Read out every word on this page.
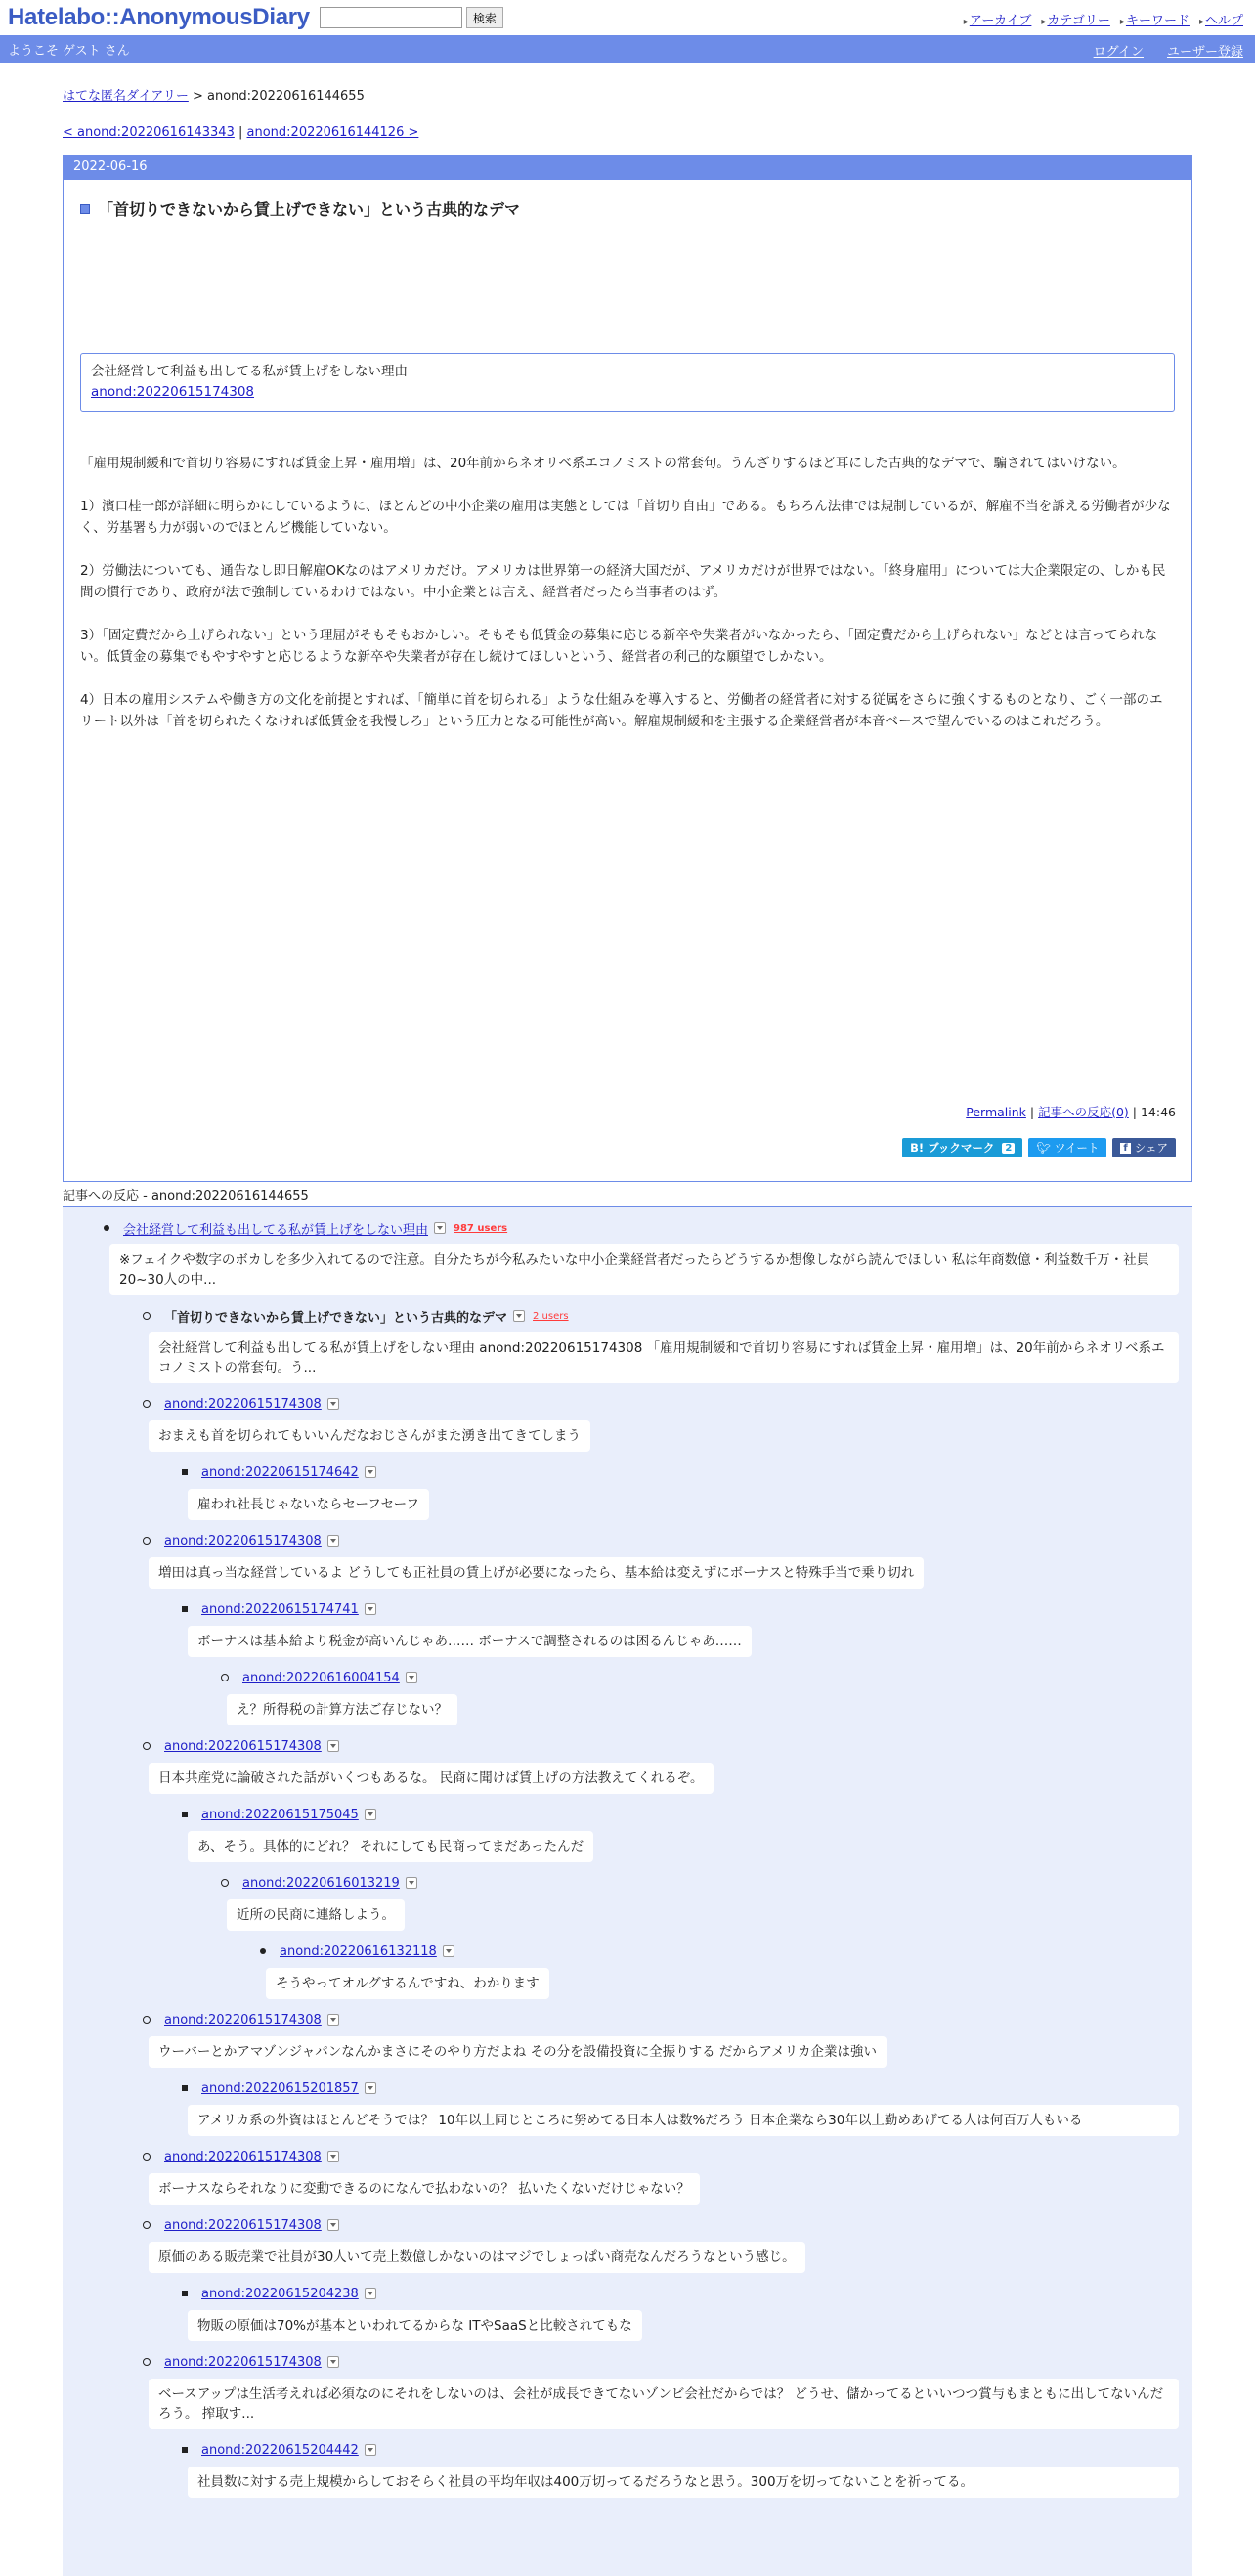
Hatelabo::AnonymousDiary	検索	▸アーカイブ ▸カテゴリー ▸キーワード ▸ヘルプ
ようこそ ゲスト さん	ログイン ユーザー登録
はてな匿名ダイアリー > anond:20220616144655
< anond:20220616143343 | anond:20220616144126 >
2022-06-16
「首切りできないから賃上げできない」という古典的なデマ
会社経営して利益も出してる私が賃上げをしない理由
anond:20220615174308

「雇用規制緩和で首切り容易にすれば賃金上昇・雇用増」は、20年前からネオリベ系エコノミストの常套句。うんざりするほど耳にした古典的なデマで、騙されてはいけない。

1）濱口桂一郎が詳細に明らかにしているように、ほとんどの中小企業の雇用は実態としては「首切り自由」である。もちろん法律では規制しているが、解雇不当を訴える労働者が少なく、労基署も力が弱いのでほとんど機能していない。

2）労働法についても、通告なし即日解雇OKなのはアメリカだけ。アメリカは世界第一の経済大国だが、アメリカだけが世界ではない。「終身雇用」については大企業限定の、しかも民間の慣行であり、政府が法で強制しているわけではない。中小企業とは言え、経営者だったら当事者のはず。

3）「固定費だから上げられない」という理屈がそもそもおかしい。そもそも低賃金の募集に応じる新卒や失業者がいなかったら、「固定費だから上げられない」などとは言ってられない。低賃金の募集でもやすやすと応じるような新卒や失業者が存在し続けてほしいという、経営者の利己的な願望でしかない。

4）日本の雇用システムや働き方の文化を前提とすれば、「簡単に首を切られる」ような仕組みを導入すると、労働者の経営者に対する従属をさらに強くするものとなり、ごく一部のエリート以外は「首を切られたくなければ低賃金を我慢しろ」という圧力となる可能性が高い。解雇規制緩和を主張する企業経営者が本音ベースで望んでいるのはこれだろう。

Permalink | 記事への反応(0) | 14:46
B! ブックマーク	2 🐦︎ ツイート	f シェア
記事への反応 - anond:20220616144655
会社経営して利益も出してる私が賃上げをしない理由	987 users
※フェイクや数字のボカしを多少入れてるので注意。自分たちが今私みたいな中小企業経営者だったらどうするか想像しながら読んでほしい 私は年商数億・利益数千万・社員20~30人の中...
「首切りできないから賃上げできない」という古典的なデマ	2 users
会社経営して利益も出してる私が賃上げをしない理由 anond:20220615174308 「雇用規制緩和で首切り容易にすれば賃金上昇・雇用増」は、20年前からネオリベ系エコノミストの常套句。う...
anond:20220615174308
おまえも首を切られてもいいんだなおじさんがまた湧き出てきてしまう
anond:20220615174642
雇われ社長じゃないならセーフセーフ
anond:20220615174308
増田は真っ当な経営しているよ どうしても正社員の賃上げが必要になったら、基本給は変えずにボーナスと特殊手当で乗り切れ
anond:20220615174741
ボーナスは基本給より税金が高いんじゃあ…… ボーナスで調整されるのは困るんじゃあ……
anond:20220616004154
え？所得税の計算方法ご存じない？
anond:20220615174308
日本共産党に論破された話がいくつもあるな。 民商に聞けば賃上げの方法教えてくれるぞ。
anond:20220615175045
あ、そう。具体的にどれ？ それにしても民商ってまだあったんだ
anond:20220616013219
近所の民商に連絡しよう。
anond:20220616132118
そうやってオルグするんですね、わかります
anond:20220615174308
ウーバーとかアマゾンジャパンなんかまさにそのやり方だよね その分を設備投資に全振りする だからアメリカ企業は強い
anond:20220615201857
アメリカ系の外資はほとんどそうでは？ 10年以上同じところに努めてる日本人は数%だろう 日本企業なら30年以上勤めあげてる人は何百万人もいる
anond:20220615174308
ボーナスならそれなりに変動できるのになんで払わないの？ 払いたくないだけじゃない？
anond:20220615174308
原価のある販売業で社員が30人いて売上数億しかないのはマジでしょっぱい商売なんだろうなという感じ。
anond:20220615204238
物販の原価は70%が基本といわれてるからな ITやSaaSと比較されてもな
anond:20220615174308
ベースアップは生活考えれば必須なのにそれをしないのは、会社が成長できてないゾンビ会社だからでは？ どうせ、儲かってるといいつつ賞与もまともに出してないんだろう。 搾取す...
anond:20220615204442
社員数に対する売上規模からしておそらく社員の平均年収は400万切ってるだろうなと思う。300万を切ってないことを祈ってる。
